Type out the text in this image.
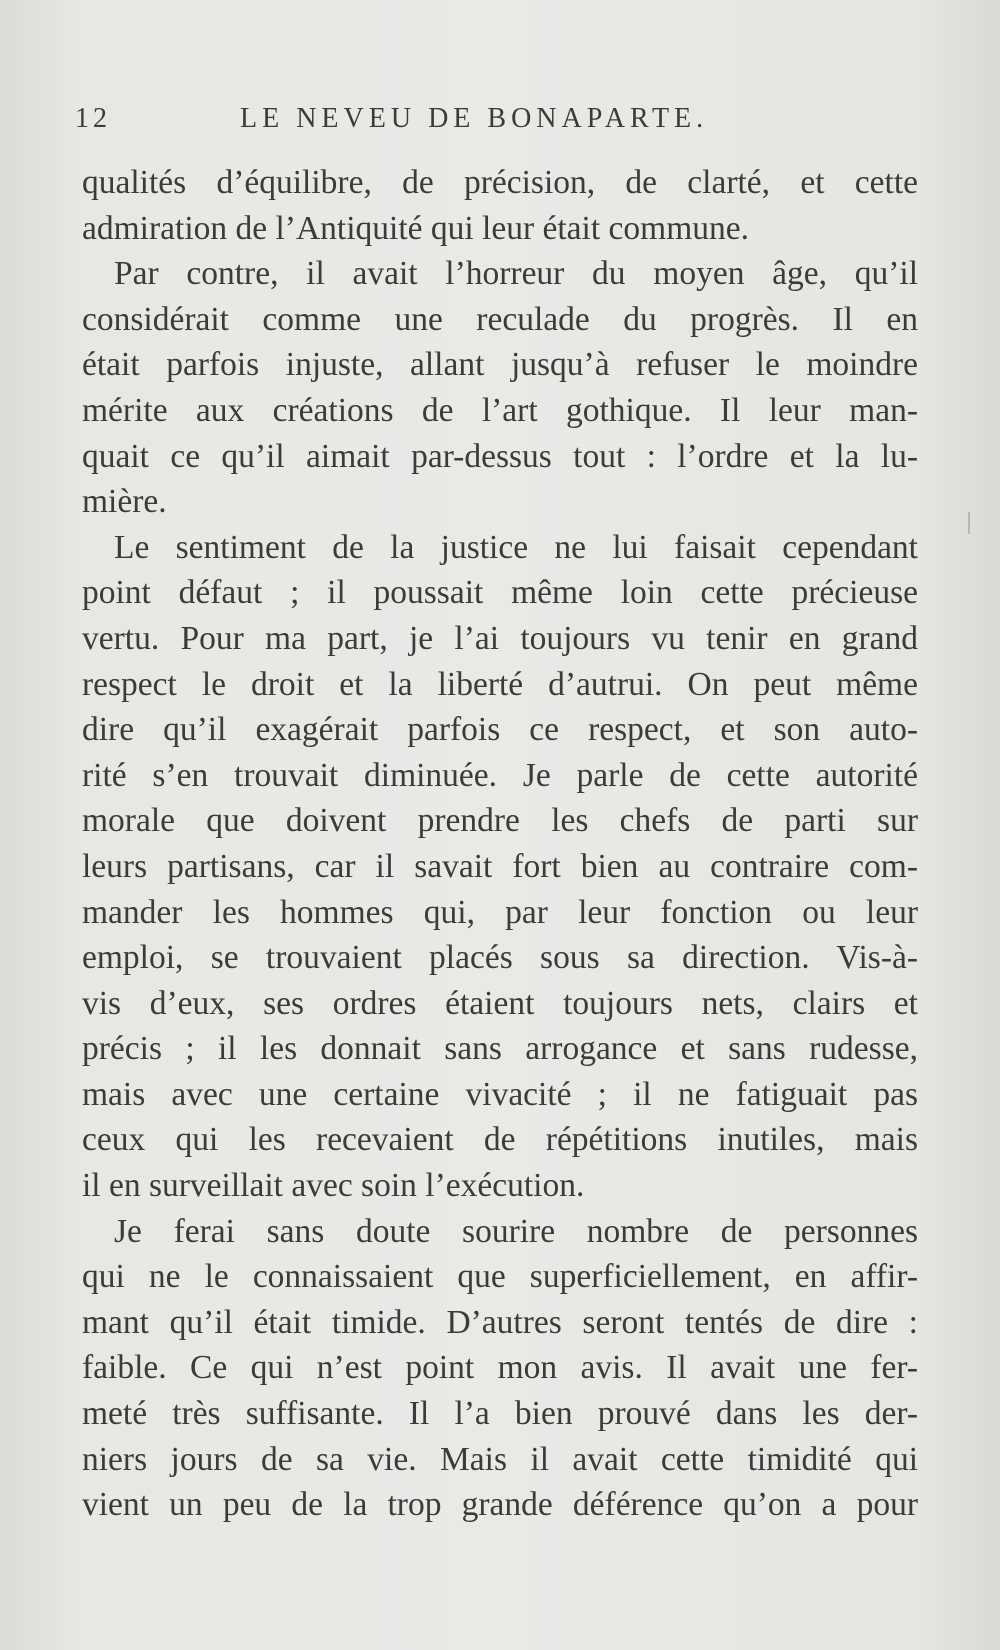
12	LE NEVEU DE BONAPARTE.
qualités d’équilibre, de précision, de clarté, et cette
admiration de l’Antiquité qui leur était commune.
Par contre, il avait l’horreur du moyen âge, qu’il
considérait comme une reculade du progrès. Il en
était parfois injuste, allant jusqu’à refuser le moindre
mérite aux créations de l’art gothique. Il leur man-
quait ce qu’il aimait par-dessus tout : l’ordre et la lu-
mière.
Le sentiment de la justice ne lui faisait cependant
point défaut ; il poussait même loin cette précieuse
vertu. Pour ma part, je l’ai toujours vu tenir en grand
respect le droit et la liberté d’autrui. On peut même
dire qu’il exagérait parfois ce respect, et son auto-
rité s’en trouvait diminuée. Je parle de cette autorité
morale que doivent prendre les chefs de parti sur
leurs partisans, car il savait fort bien au contraire com-
mander les hommes qui, par leur fonction ou leur
emploi, se trouvaient placés sous sa direction. Vis-à-
vis d’eux, ses ordres étaient toujours nets, clairs et
précis ; il les donnait sans arrogance et sans rudesse,
mais avec une certaine vivacité ; il ne fatiguait pas
ceux qui les recevaient de répétitions inutiles, mais
il en surveillait avec soin l’exécution.
Je ferai sans doute sourire nombre de personnes
qui ne le connaissaient que superficiellement, en affir-
mant qu’il était timide. D’autres seront tentés de dire :
faible. Ce qui n’est point mon avis. Il avait une fer-
meté très suffisante. Il l’a bien prouvé dans les der-
niers jours de sa vie. Mais il avait cette timidité qui
vient un peu de la trop grande déférence qu’on a pour
